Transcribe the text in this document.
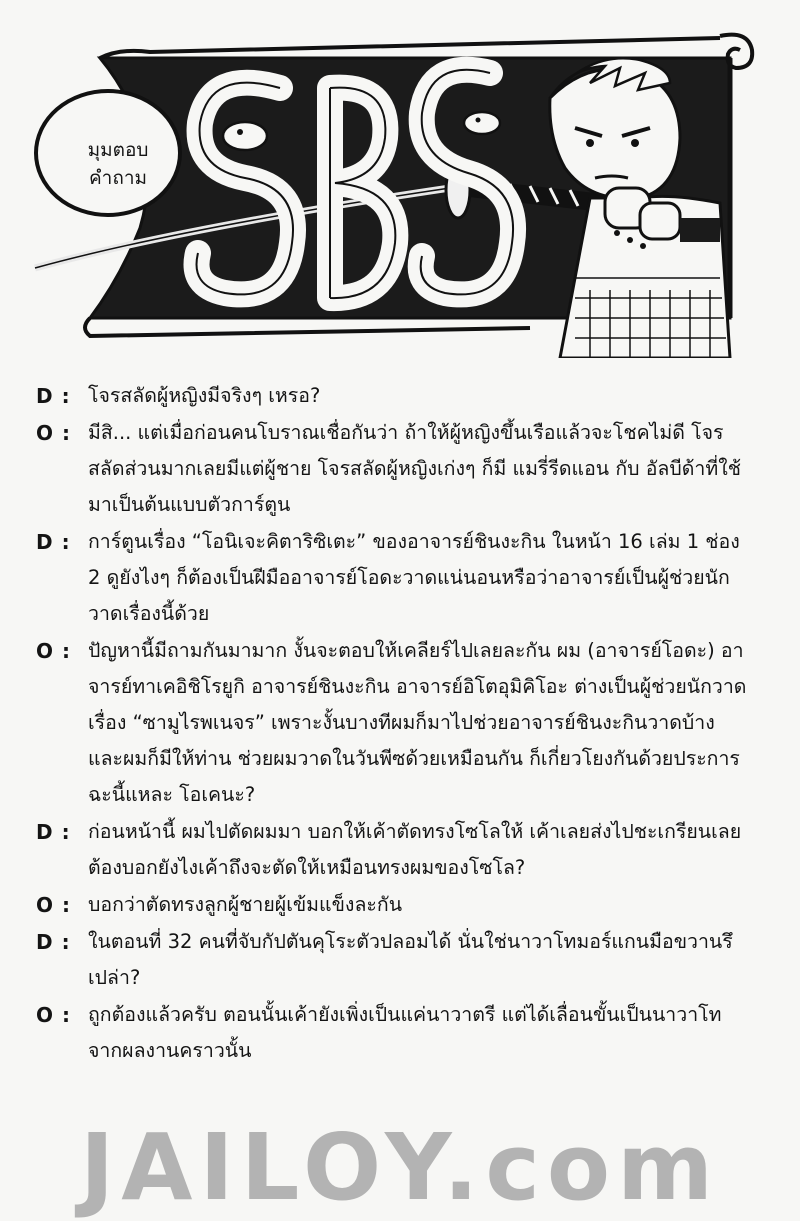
มุมตอบ
คำถาม
D : โจรสลัดผู้หญิงมีจริงๆ เหรอ?
O : มีสิ... แต่เมื่อก่อนคนโบราณเชื่อกันว่า ถ้าให้ผู้หญิงขึ้นเรือแล้วจะโชคไม่ดี โจรสลัดส่วนมากเลยมีแต่ผู้ชาย โจรสลัดผู้หญิงเก่งๆ ก็มี แมรี่รีดแอน กับ อัลบีด้าที่ใช้มาเป็นต้นแบบตัวการ์ตูน
D : การ์ตูนเรื่อง “โอนิเจะคิตาริซิเตะ” ของอาจารย์ชินงะกิน ในหน้า 16 เล่ม 1 ช่อง 2 ดูยังไงๆ ก็ต้องเป็นฝีมืออาจารย์โอดะวาดแน่นอนหรือว่าอาจารย์เป็นผู้ช่วยนักวาดเรื่องนี้ด้วย
O : ปัญหานี้มีถามกันมามาก งั้นจะตอบให้เคลียร์ไปเลยละกัน ผม (อาจารย์โอดะ) อาจารย์ทาเคอิชิโรยูกิ อาจารย์ชินงะกิน อาจารย์อิโตอุมิคิโอะ ต่างเป็นผู้ช่วยนักวาดเรื่อง “ซามูไรพเนจร” เพราะงั้นบางทีผมก็มาไปช่วยอาจารย์ชินงะกินวาดบ้าง และผมก็มีให้ท่าน ช่วยผมวาดในวันพีซด้วยเหมือนกัน ก็เกี่ยวโยงกันด้วยประการฉะนี้แหละ โอเคนะ?
D : ก่อนหน้านี้ ผมไปตัดผมมา บอกให้เค้าตัดทรงโซโลให้ เค้าเลยส่งไปชะเกรียนเลย ต้องบอกยังไงเค้าถึงจะตัดให้เหมือนทรงผมของโซโล?
O : บอกว่าตัดทรงลูกผู้ชายผู้เข้มแข็งละกัน
D : ในตอนที่ 32 คนที่จับกัปตันคุโระตัวปลอมได้ นั่นใช่นาวาโทมอร์แกนมือขวานรึเปล่า?
O : ถูกต้องแล้วครับ ตอนนั้นเค้ายังเพิ่งเป็นแค่นาวาตรี แต่ได้เลื่อนขั้นเป็นนาวาโท จากผลงานคราวนั้น
JAILOY.com
